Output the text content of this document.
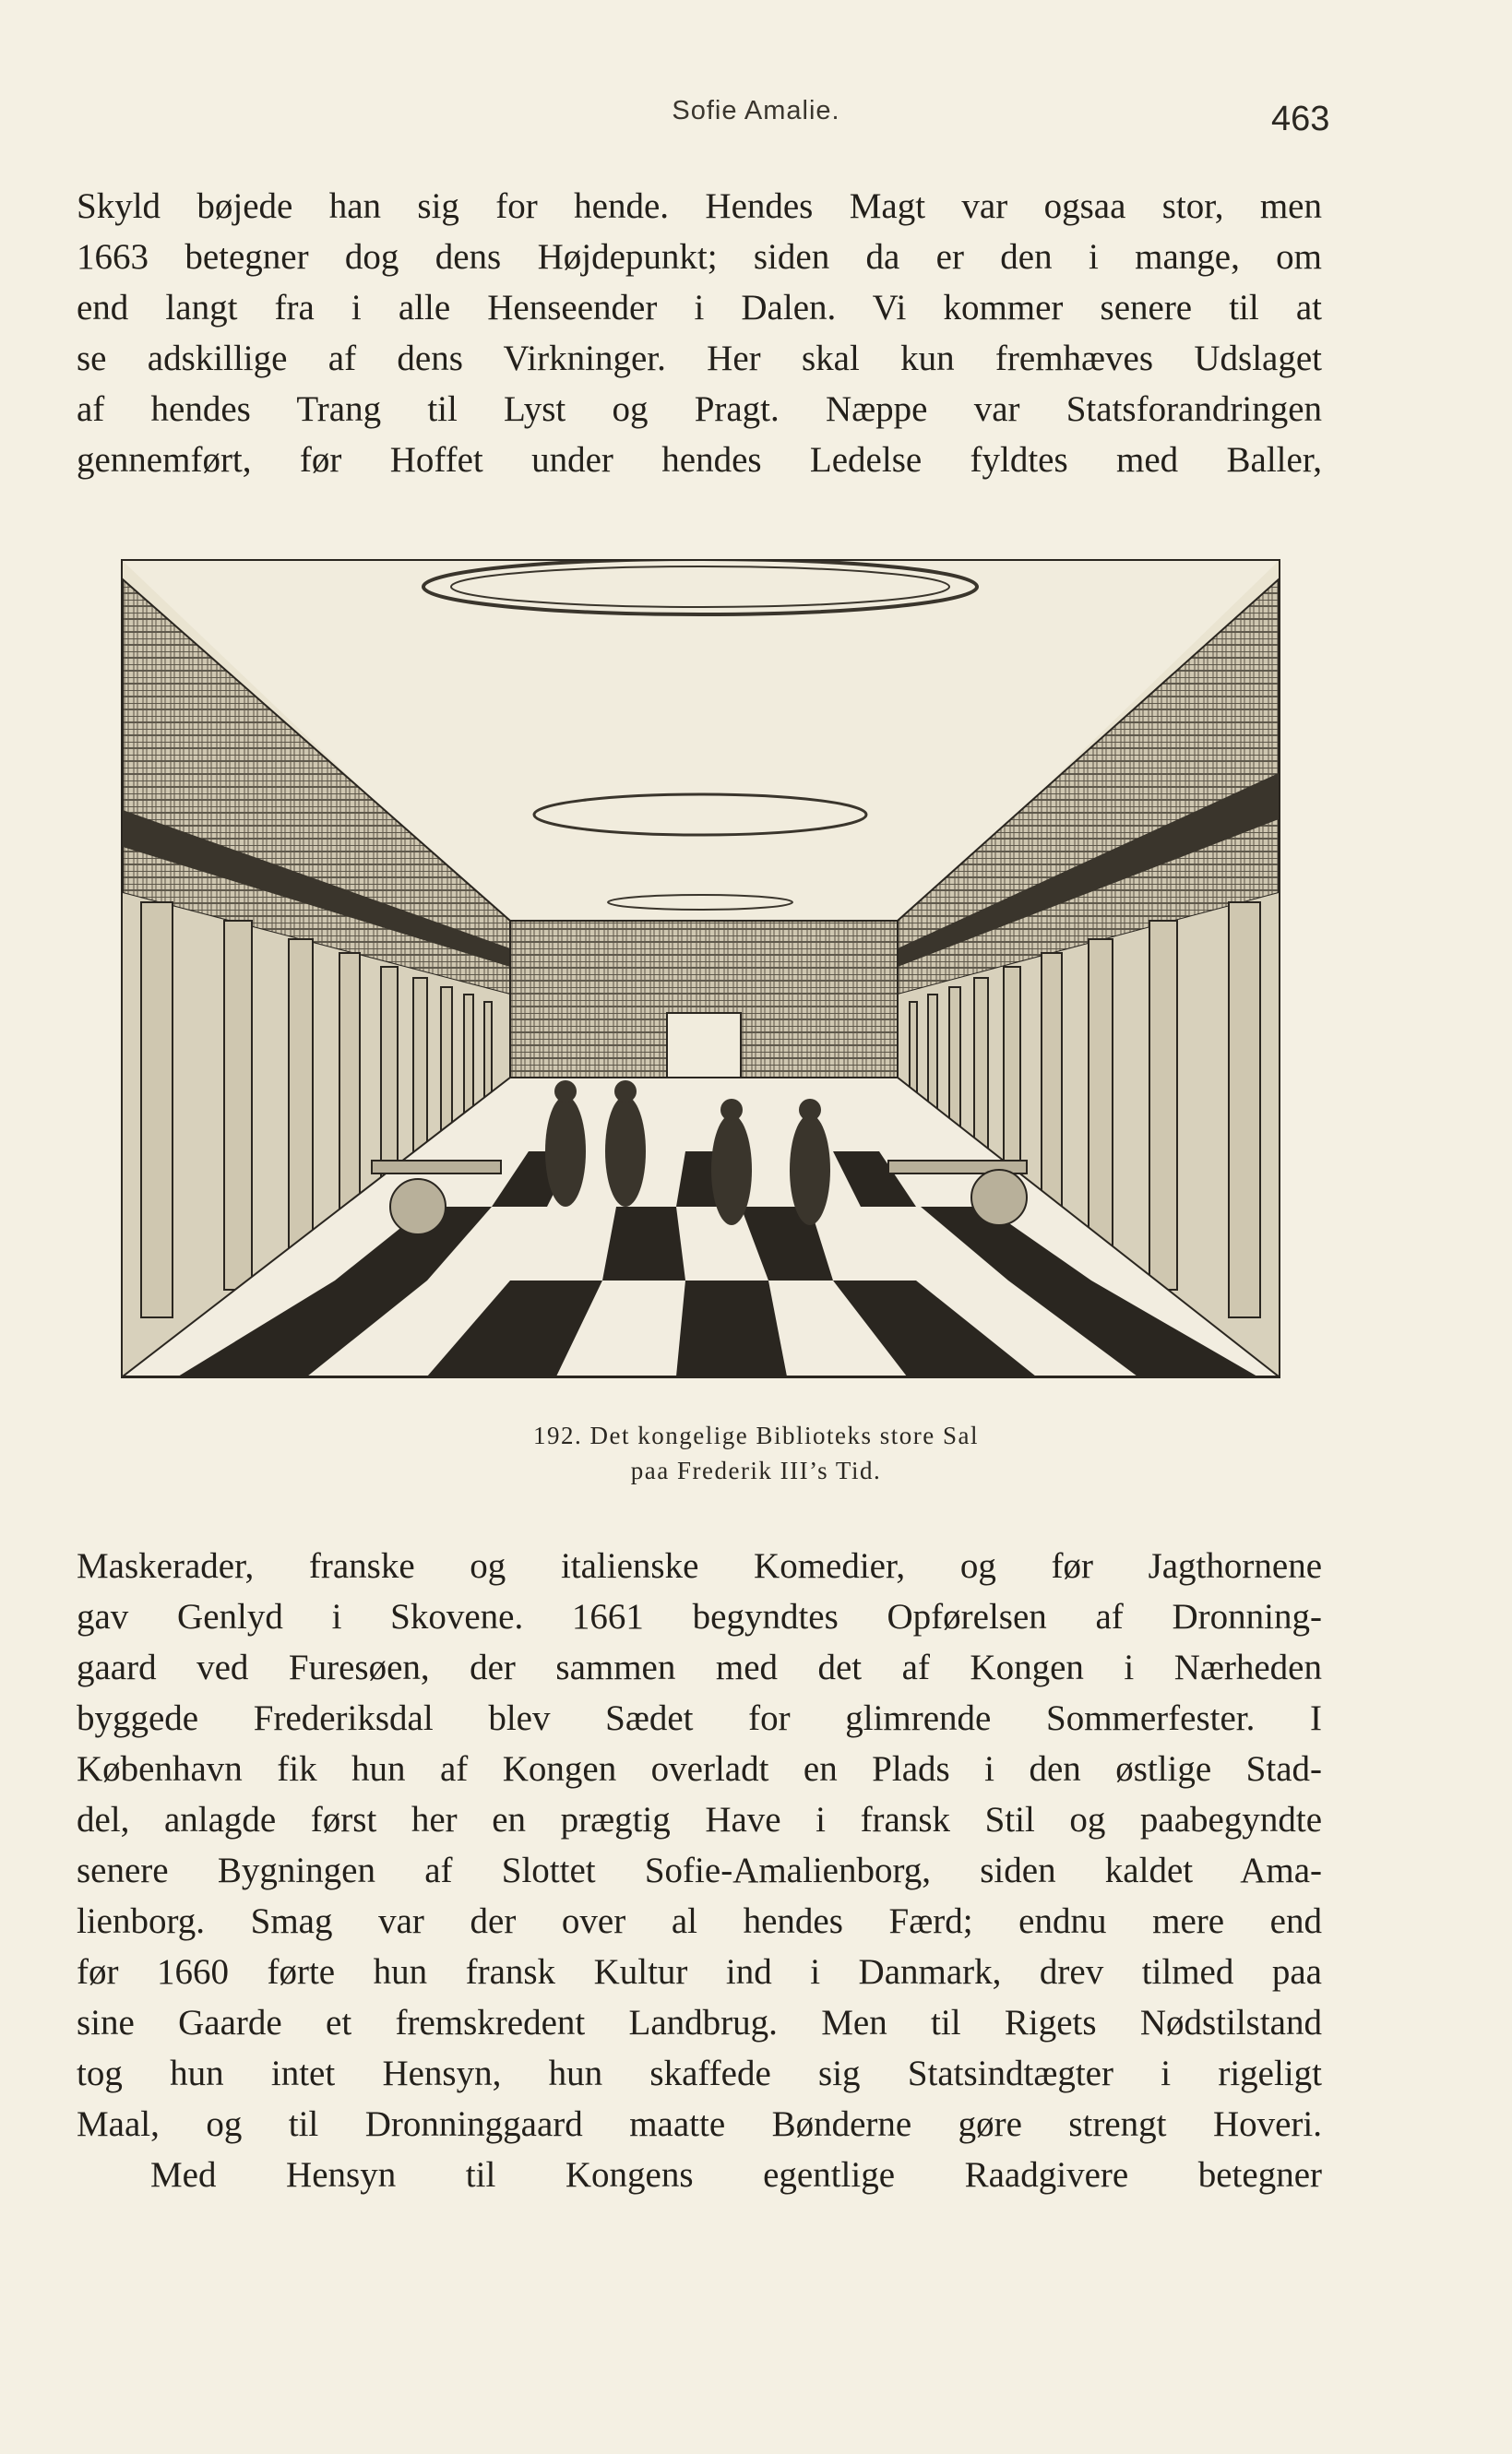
Sofie Amalie.	463
Skyld bøjede han sig for hende. Hendes Magt var ogsaa stor, men
1663 betegner dog dens Højdepunkt; siden da er den i mange, om
end langt fra i alle Henseender i Dalen. Vi kommer senere til at
se adskillige af dens Virkninger. Her skal kun fremhæves Udslaget
af hendes Trang til Lyst og Pragt. Næppe var Statsforandringen
gennemført, før Hoffet under hendes Ledelse fyldtes med Baller,
192. Det kongelige Biblioteks store Sal
paa Frederik III’s Tid.
Maskerader, franske og italienske Komedier, og før Jagthornene
gav Genlyd i Skovene. 1661 begyndtes Opførelsen af Dronning-
gaard ved Furesøen, der sammen med det af Kongen i Nærheden
byggede Frederiksdal blev Sædet for glimrende Sommerfester. I
København fik hun af Kongen overladt en Plads i den østlige Stad-
del, anlagde først her en prægtig Have i fransk Stil og paabegyndte
senere Bygningen af Slottet Sofie-Amalienborg, siden kaldet Ama-
lienborg. Smag var der over al hendes Færd; endnu mere end
før 1660 førte hun fransk Kultur ind i Danmark, drev tilmed paa
sine Gaarde et fremskredent Landbrug. Men til Rigets Nødstilstand
tog hun intet Hensyn, hun skaffede sig Statsindtægter i rigeligt
Maal, og til Dronninggaard maatte Bønderne gøre strengt Hoveri.
Med Hensyn til Kongens egentlige Raadgivere betegner
